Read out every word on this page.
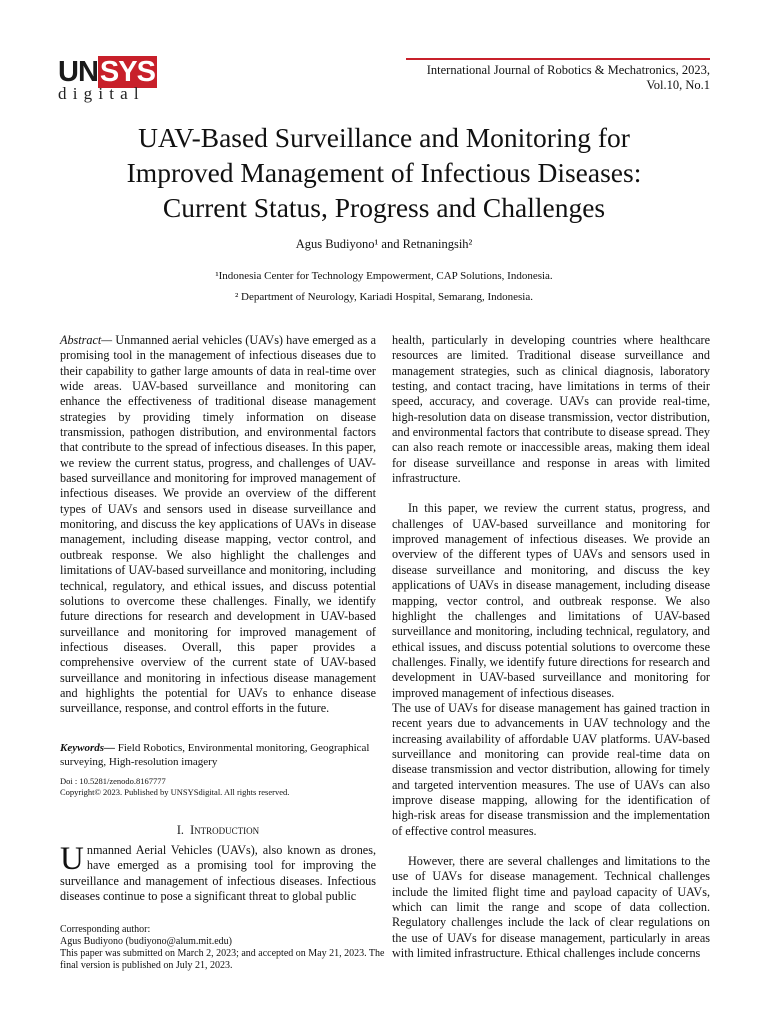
UNSYS
digital
International Journal of Robotics & Mechatronics, 2023,
Vol.10, No.1
UAV-Based Surveillance and Monitoring for
Improved Management of Infectious Diseases:
Current Status, Progress and Challenges
Agus Budiyono¹ and Retnaningsih²
¹Indonesia Center for Technology Empowerment, CAP Solutions, Indonesia.
² Department of Neurology, Kariadi Hospital, Semarang, Indonesia.

Abstract— Unmanned aerial vehicles (UAVs) have emerged as a promising tool in the management of infectious diseases due to their capability to gather large amounts of data in real-time over wide areas. UAV-based surveillance and monitoring can enhance the effectiveness of traditional disease management strategies by providing timely information on disease transmission, pathogen distribution, and environmental factors that contribute to the spread of infectious diseases. In this paper, we review the current status, progress, and challenges of UAV-based surveillance and monitoring for improved management of infectious diseases. We provide an overview of the different types of UAVs and sensors used in disease surveillance and monitoring, and discuss the key applications of UAVs in disease management, including disease mapping, vector control, and outbreak response. We also highlight the challenges and limitations of UAV-based surveillance and monitoring, including technical, regulatory, and ethical issues, and discuss potential solutions to overcome these challenges. Finally, we identify future directions for research and development in UAV-based surveillance and monitoring for improved management of infectious diseases. Overall, this paper provides a comprehensive overview of the current state of UAV-based surveillance and monitoring in infectious disease management and highlights the potential for UAVs to enhance disease surveillance, response, and control efforts in the future.

Keywords— Field Robotics, Environmental monitoring, Geographical surveying, High-resolution imagery
Doi : 10.5281/zenodo.8167777
Copyright© 2023. Published by UNSYSdigital. All rights reserved.
I. Introduction
Unmanned Aerial Vehicles (UAVs), also known as drones, have emerged as a promising tool for improving the surveillance and management of infectious diseases. Infectious diseases continue to pose a significant threat to global public
Corresponding author:
Agus Budiyono (budiyono@alum.mit.edu)
This paper was submitted on March 2, 2023; and accepted on May 21, 2023. The final version is published on July 21, 2023.

health, particularly in developing countries where healthcare resources are limited. Traditional disease surveillance and management strategies, such as clinical diagnosis, laboratory testing, and contact tracing, have limitations in terms of their speed, accuracy, and coverage. UAVs can provide real-time, high-resolution data on disease transmission, vector distribution, and environmental factors that contribute to disease spread. They can also reach remote or inaccessible areas, making them ideal for disease surveillance and response in areas with limited infrastructure.

In this paper, we review the current status, progress, and challenges of UAV-based surveillance and monitoring for improved management of infectious diseases. We provide an overview of the different types of UAVs and sensors used in disease surveillance and monitoring, and discuss the key applications of UAVs in disease management, including disease mapping, vector control, and outbreak response. We also highlight the challenges and limitations of UAV-based surveillance and monitoring, including technical, regulatory, and ethical issues, and discuss potential solutions to overcome these challenges. Finally, we identify future directions for research and development in UAV-based surveillance and monitoring for improved management of infectious diseases.

The use of UAVs for disease management has gained traction in recent years due to advancements in UAV technology and the increasing availability of affordable UAV platforms. UAV-based surveillance and monitoring can provide real-time data on disease transmission and vector distribution, allowing for timely and targeted intervention measures. The use of UAVs can also improve disease mapping, allowing for the identification of high-risk areas for disease transmission and the implementation of effective control measures.

However, there are several challenges and limitations to the use of UAVs for disease management. Technical challenges include the limited flight time and payload capacity of UAVs, which can limit the range and scope of data collection. Regulatory challenges include the lack of clear regulations on the use of UAVs for disease management, particularly in areas with limited infrastructure. Ethical challenges include concerns
